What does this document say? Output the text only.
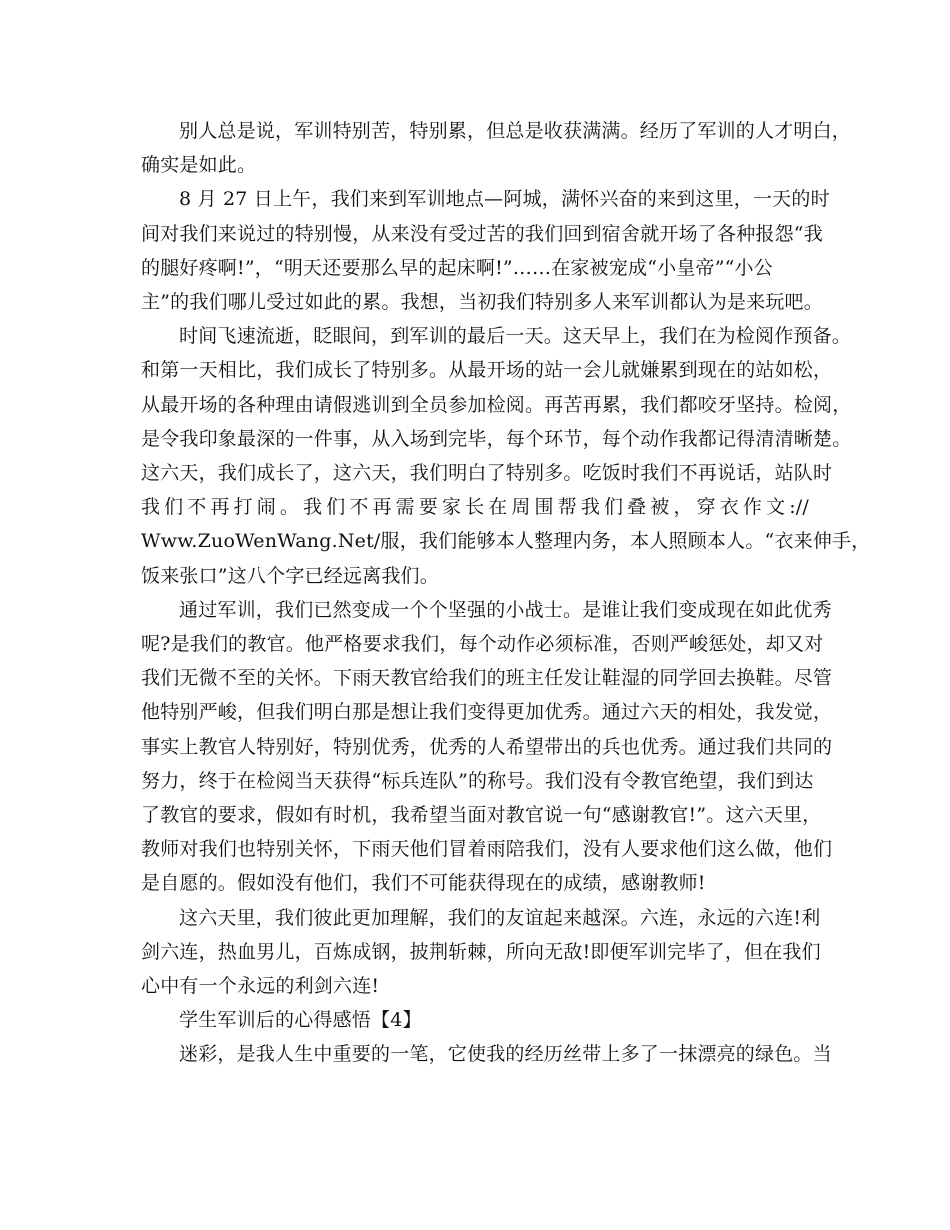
别人总是说，军训特别苦，特别累，但总是收获满满。经历了军训的人才明白，
确实是如此。
8 月 27 日上午，我们来到军训地点—阿城，满怀兴奋的来到这里，一天的时
间对我们来说过的特别慢，从来没有受过苦的我们回到宿舍就开场了各种报怨“我
的腿好疼啊!”，“明天还要那么早的起床啊!”……在家被宠成“小皇帝”“小公
主”的我们哪儿受过如此的累。我想，当初我们特别多人来军训都认为是来玩吧。
时间飞速流逝，眨眼间，到军训的最后一天。这天早上，我们在为检阅作预备。
和第一天相比，我们成长了特别多。从最开场的站一会儿就嫌累到现在的站如松，
从最开场的各种理由请假逃训到全员参加检阅。再苦再累，我们都咬牙坚持。检阅，
是令我印象最深的一件事，从入场到完毕，每个环节，每个动作我都记得清清晰楚。
这六天，我们成长了，这六天，我们明白了特别多。吃饭时我们不再说话，站队时
我们不再打闹。我们不再需要家长在周围帮我们叠被，穿衣作文://
Www.ZuoWenWang.Net/服，我们能够本人整理内务，本人照顾本人。“衣来伸手，
饭来张口”这八个字已经远离我们。
通过军训，我们已然变成一个个坚强的小战士。是谁让我们变成现在如此优秀
呢?是我们的教官。他严格要求我们，每个动作必须标准，否则严峻惩处，却又对
我们无微不至的关怀。下雨天教官给我们的班主任发让鞋湿的同学回去换鞋。尽管
他特别严峻，但我们明白那是想让我们变得更加优秀。通过六天的相处，我发觉，
事实上教官人特别好，特别优秀，优秀的人希望带出的兵也优秀。通过我们共同的
努力，终于在检阅当天获得“标兵连队”的称号。我们没有令教官绝望，我们到达
了教官的要求，假如有时机，我希望当面对教官说一句“感谢教官!”。这六天里，
教师对我们也特别关怀，下雨天他们冒着雨陪我们，没有人要求他们这么做，他们
是自愿的。假如没有他们，我们不可能获得现在的成绩，感谢教师!
这六天里，我们彼此更加理解，我们的友谊起来越深。六连，永远的六连!利
剑六连，热血男儿，百炼成钢，披荆斩棘，所向无敌!即便军训完毕了，但在我们
心中有一个永远的利剑六连!
学生军训后的心得感悟【4】
迷彩，是我人生中重要的一笔，它使我的经历丝带上多了一抹漂亮的绿色。当
